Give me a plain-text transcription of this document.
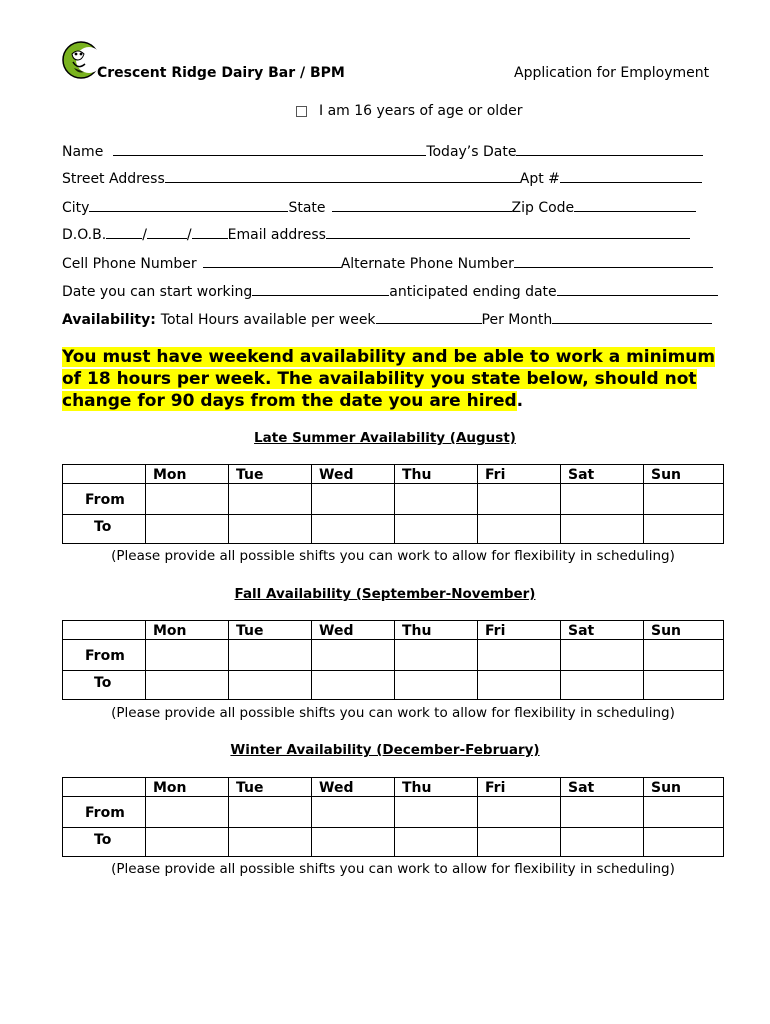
Crescent Ridge Dairy Bar / BPM	Application for Employment
I am 16 years of age or older
Name	Today’s Date
Street Address	Apt #
City	State	Zip Code
D.O.B.	/	/	Email address
Cell Phone Number	Alternate Phone Number
Date you can start working	anticipated ending date
Availability: Total Hours available per week	Per Month
You must have weekend availability and be able to work a minimum of 18 hours per week. The availability you state below, should not change for 90 days from the date you are hired.
Late Summer Availability (August)

	Mon	Tue	Wed	Thu	Fri	Sat	Sun

From							

To							

(Please provide all possible shifts you can work to allow for flexibility in scheduling)
Fall Availability (September-November)

	Mon	Tue	Wed	Thu	Fri	Sat	Sun

From							

To							

(Please provide all possible shifts you can work to allow for flexibility in scheduling)
Winter Availability (December-February)

	Mon	Tue	Wed	Thu	Fri	Sat	Sun

From							

To							

(Please provide all possible shifts you can work to allow for flexibility in scheduling)
